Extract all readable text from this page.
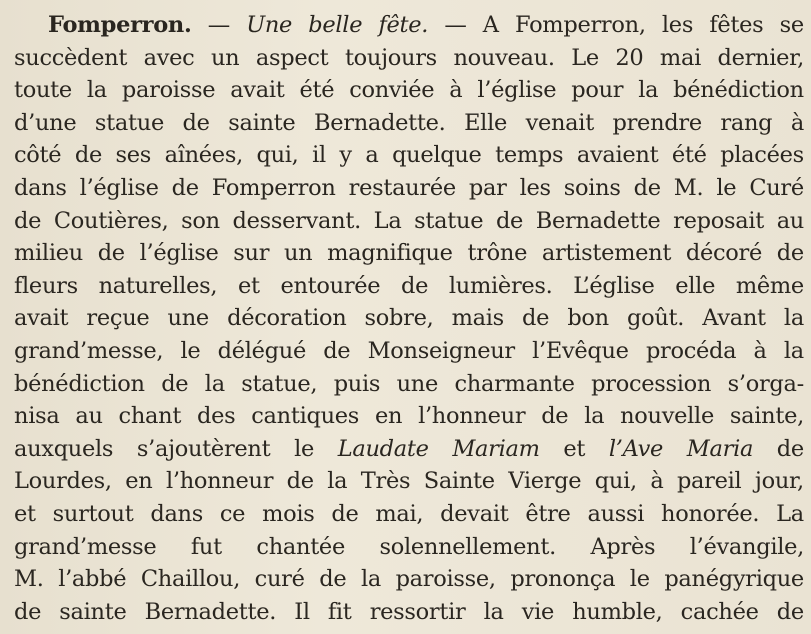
Fomperron. — Une belle fête. — A Fomperron, les fêtes se
succèdent avec un aspect toujours nouveau. Le 20 mai dernier,
toute la paroisse avait été conviée à l’église pour la bénédiction
d’une statue de sainte Bernadette. Elle venait prendre rang à
côté de ses aînées, qui, il y a quelque temps avaient été placées
dans l’église de Fomperron restaurée par les soins de M. le Curé
de Coutières, son desservant. La statue de Bernadette reposait au
milieu de l’église sur un magnifique trône artistement décoré de
fleurs naturelles, et entourée de lumières. L’église elle même
avait reçue une décoration sobre, mais de bon goût. Avant la
grand’messe, le délégué de Monseigneur l’Evêque procéda à la
bénédiction de la statue, puis une charmante procession s’orga-
nisa au chant des cantiques en l’honneur de la nouvelle sainte,
auxquels s’ajoutèrent le Laudate Mariam et l’Ave Maria de
Lourdes, en l’honneur de la Très Sainte Vierge qui, à pareil jour,
et surtout dans ce mois de mai, devait être aussi honorée. La
grand’messe fut chantée solennellement. Après l’évangile,
M. l’abbé Chaillou, curé de la paroisse, prononça le panégyrique
de sainte Bernadette. Il fit ressortir la vie humble, cachée de
